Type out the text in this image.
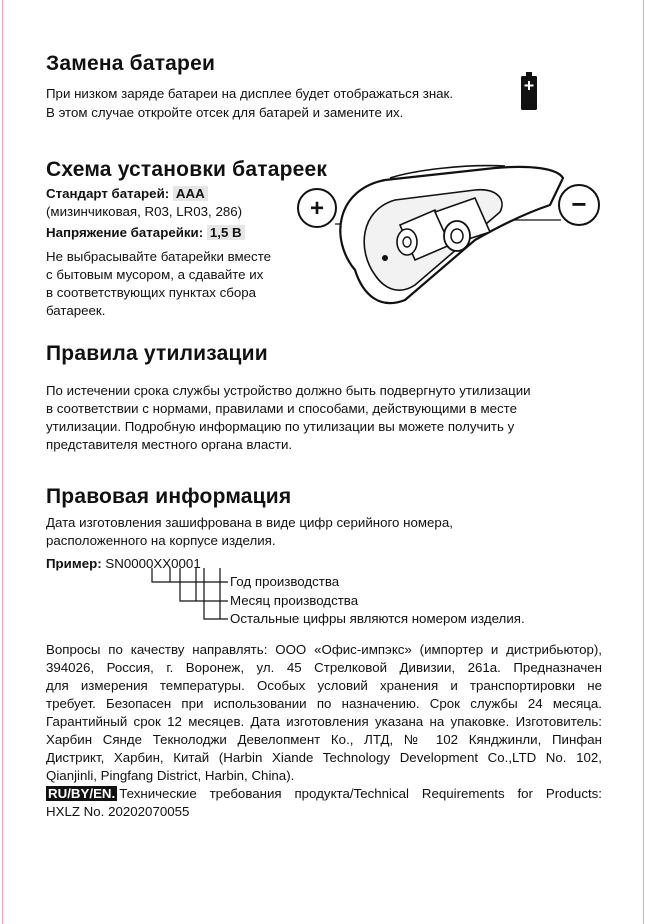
Замена батареи

При низком заряде батареи на дисплее будет отображаться знак.

В этом случае откройте отсек для батарей и замените их.

Схема установки батареек

Стандарт батарей: AAA

(мизинчиковая, R03, LR03, 286)

Напряжение батарейки: 1,5 В

Не выбрасывайте батарейки вместе

с бытовым мусором, а сдавайте их

в соответствующих пунктах сбора

батареек.

+	−
Правила утилизации

По истечении срока службы устройство должно быть подвергнуто утилизации

в соответствии с нормами, правилами и способами, действующими в месте

утилизации. Подробную информацию по утилизации вы можете получить у

представителя местного органа власти.

Правовая информация

Дата изготовления зашифрована в виде цифр серийного номера,

расположенного на корпусе изделия.

Пример: SN0000XX0001

Год производства
Месяц производства
Остальные цифры являются номером изделия.

Вопросы по качеству направлять: ООО «Офис-импэкс» (импортер и дистрибьютор),

394026, Россия, г. Воронеж, ул. 45 Стрелковой Дивизии, 261а. Предназначен

для измерения температуры. Особых условий хранения и транспортировки не

требует. Безопасен при использовании по назначению. Срок службы 24 месяца.

Гарантийный срок 12 месяцев. Дата изготовления указана на упаковке. Изготовитель:

Харбин Сянде Текнолоджи Девелопмент Ко., ЛТД, № 102 Кянджинли, Пинфан

Дистрикт, Харбин, Китай (Harbin Xiande Technology Development Co.,LTD No. 102,

Qianjinli, Pingfang District, Harbin, China).

RU/BY/EN. Технические требования продукта/Technical Requirements for Products:

HXLZ No. 20202070055
